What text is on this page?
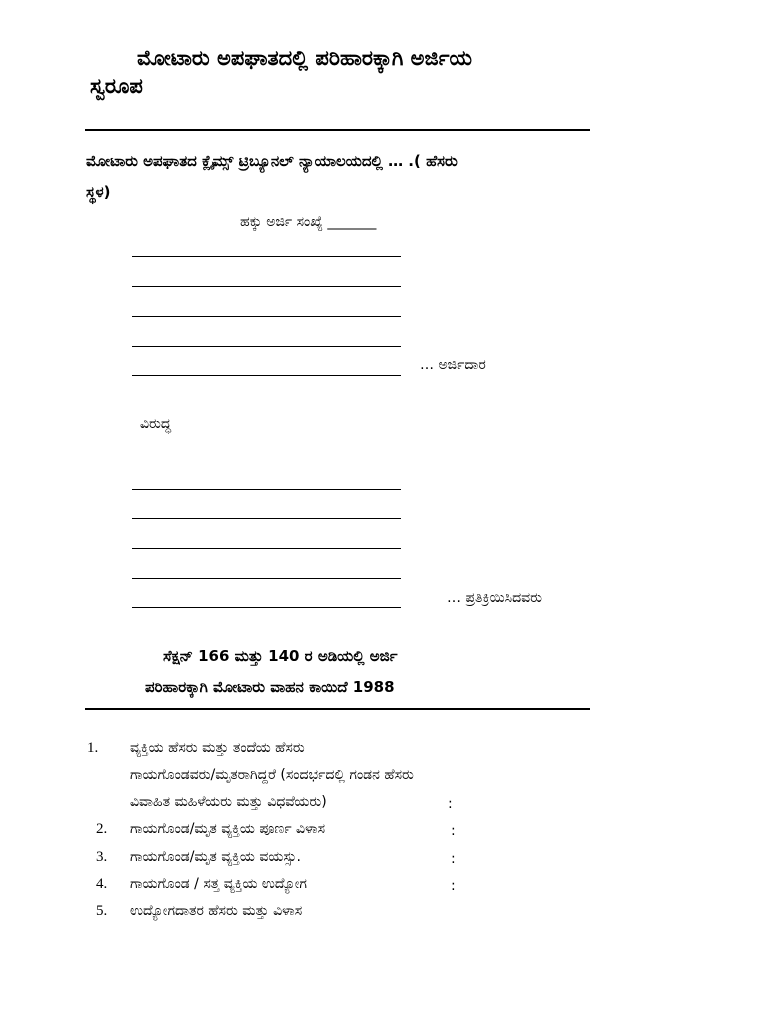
ಮೋಟಾರು ಅಪಘಾತದಲ್ಲಿ ಪರಿಹಾರಕ್ಕಾಗಿ ಅರ್ಜಿಯ
ಸ್ವರೂಪ
ಮೋಟಾರು ಅಪಘಾತದ ಕ್ಲೈಮ್ಸ್ ಟ್ರಿಬ್ಯೂನಲ್ ನ್ಯಾಯಾಲಯದಲ್ಲಿ … .( ಹೆಸರು
ಸ್ಥಳ)
ಹಕ್ಕು ಅರ್ಜಿ ಸಂಖ್ಯೆ _______
… ಅರ್ಜಿದಾರ
ವಿರುದ್ಧ
… ಪ್ರತಿಕ್ರಿಯಿಸಿದವರು
ಸೆಕ್ಷನ್ 166 ಮತ್ತು 140 ರ ಅಡಿಯಲ್ಲಿ ಅರ್ಜಿ
ಪರಿಹಾರಕ್ಕಾಗಿ ಮೋಟಾರು ವಾಹನ ಕಾಯಿದೆ 1988
1. ವ್ಯಕ್ತಿಯ ಹೆಸರು ಮತ್ತು ತಂದೆಯ ಹೆಸರು
ಗಾಯಗೊಂಡವರು/ಮೃತರಾಗಿದ್ದರೆ (ಸಂದರ್ಭದಲ್ಲಿ ಗಂಡನ ಹೆಸರು
ವಿವಾಹಿತ ಮಹಿಳೆಯರು ಮತ್ತು ವಿಧವೆಯರು)	:
2. ಗಾಯಗೊಂಡ/ಮೃತ ವ್ಯಕ್ತಿಯ ಪೂರ್ಣ ವಿಳಾಸ	:
3. ಗಾಯಗೊಂಡ/ಮೃತ ವ್ಯಕ್ತಿಯ ವಯಸ್ಸು.	:
4. ಗಾಯಗೊಂಡ / ಸತ್ತ ವ್ಯಕ್ತಿಯ ಉದ್ಯೋಗ	:
5. ಉದ್ಯೋಗದಾತರ ಹೆಸರು ಮತ್ತು ವಿಳಾಸ
